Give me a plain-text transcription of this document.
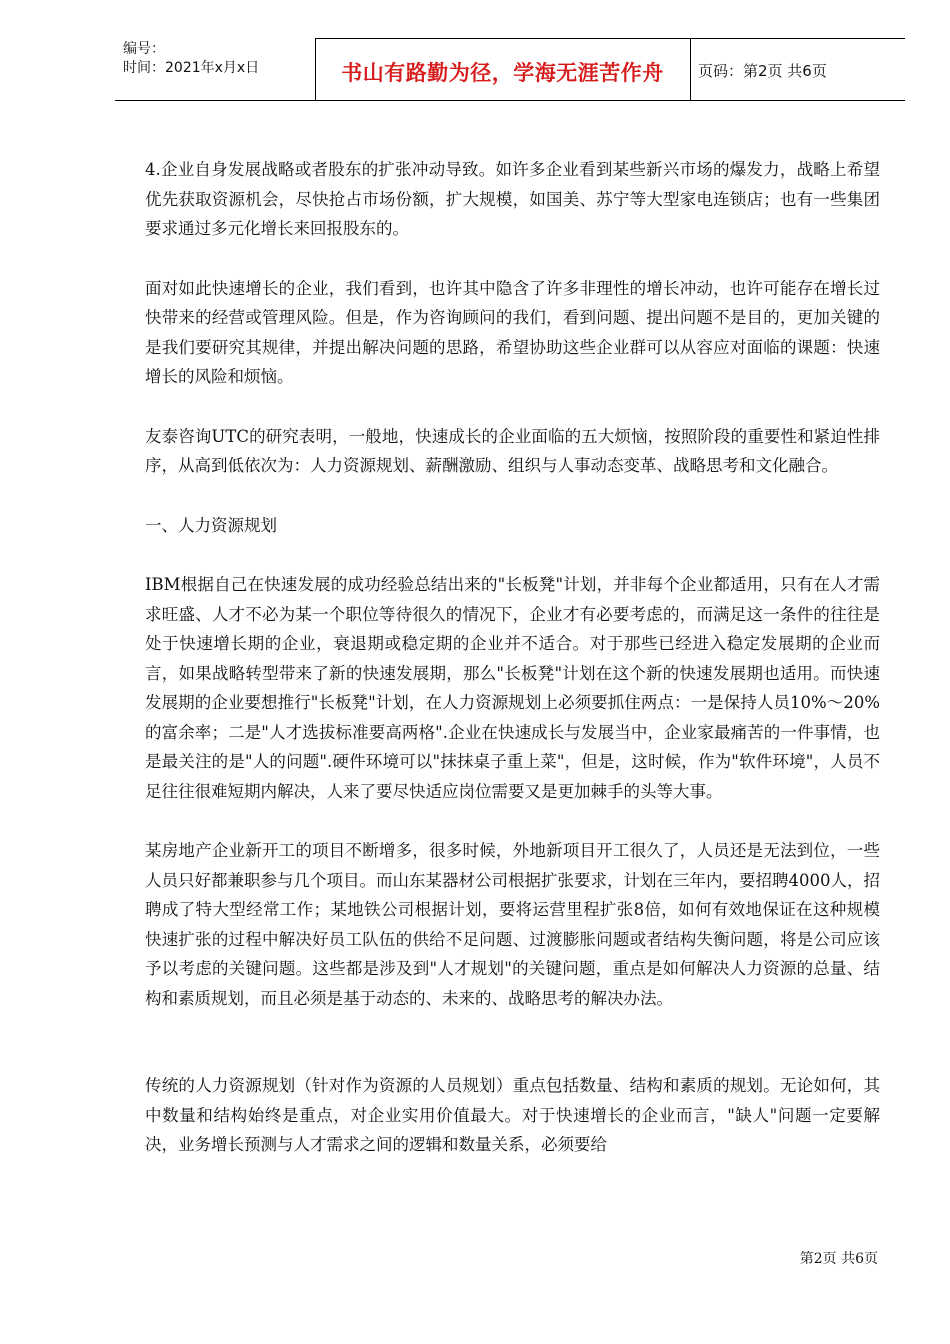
编号：
时间：2021年x月x日	书山有路勤为径，学海无涯苦作舟	页码：第2页 共6页

4.企业自身发展战略或者股东的扩张冲动导致。如许多企业看到某些新兴市场的爆发力，战略上希望优先获取资源机会，尽快抢占市场份额，扩大规模，如国美、苏宁等大型家电连锁店；也有一些集团要求通过多元化增长来回报股东的。

面对如此快速增长的企业，我们看到，也许其中隐含了许多非理性的增长冲动，也许可能存在增长过快带来的经营或管理风险。但是，作为咨询顾问的我们，看到问题、提出问题不是目的，更加关键的是我们要研究其规律，并提出解决问题的思路，希望协助这些企业群可以从容应对面临的课题：快速增长的风险和烦恼。

友泰咨询UTC的研究表明，一般地，快速成长的企业面临的五大烦恼，按照阶段的重要性和紧迫性排序，从高到低依次为：人力资源规划、薪酬激励、组织与人事动态变革、战略思考和文化融合。

一、人力资源规划

IBM根据自己在快速发展的成功经验总结出来的"长板凳"计划，并非每个企业都适用，只有在人才需求旺盛、人才不必为某一个职位等待很久的情况下，企业才有必要考虑的，而满足这一条件的往往是处于快速增长期的企业，衰退期或稳定期的企业并不适合。对于那些已经进入稳定发展期的企业而言，如果战略转型带来了新的快速发展期，那么"长板凳"计划在这个新的快速发展期也适用。而快速发展期的企业要想推行"长板凳"计划，在人力资源规划上必须要抓住两点：一是保持人员10%～20%的富余率；二是"人才选拔标准要高两格".企业在快速成长与发展当中，企业家最痛苦的一件事情，也是最关注的是"人的问题".硬件环境可以"抹抹桌子重上菜"，但是，这时候，作为"软件环境"，人员不足往往很难短期内解决，人来了要尽快适应岗位需要又是更加棘手的头等大事。

某房地产企业新开工的项目不断增多，很多时候，外地新项目开工很久了，人员还是无法到位，一些人员只好都兼职参与几个项目。而山东某器材公司根据扩张要求，计划在三年内，要招聘4000人，招聘成了特大型经常工作；某地铁公司根据计划，要将运营里程扩张8倍，如何有效地保证在这种规模快速扩张的过程中解决好员工队伍的供给不足问题、过渡膨胀问题或者结构失衡问题，将是公司应该予以考虑的关键问题。这些都是涉及到"人才规划"的关键问题，重点是如何解决人力资源的总量、结构和素质规划，而且必须是基于动态的、未来的、战略思考的解决办法。

传统的人力资源规划（针对作为资源的人员规划）重点包括数量、结构和素质的规划。无论如何，其中数量和结构始终是重点，对企业实用价值最大。对于快速增长的企业而言，"缺人"问题一定要解决，业务增长预测与人才需求之间的逻辑和数量关系，必须要给

第2页 共6页
